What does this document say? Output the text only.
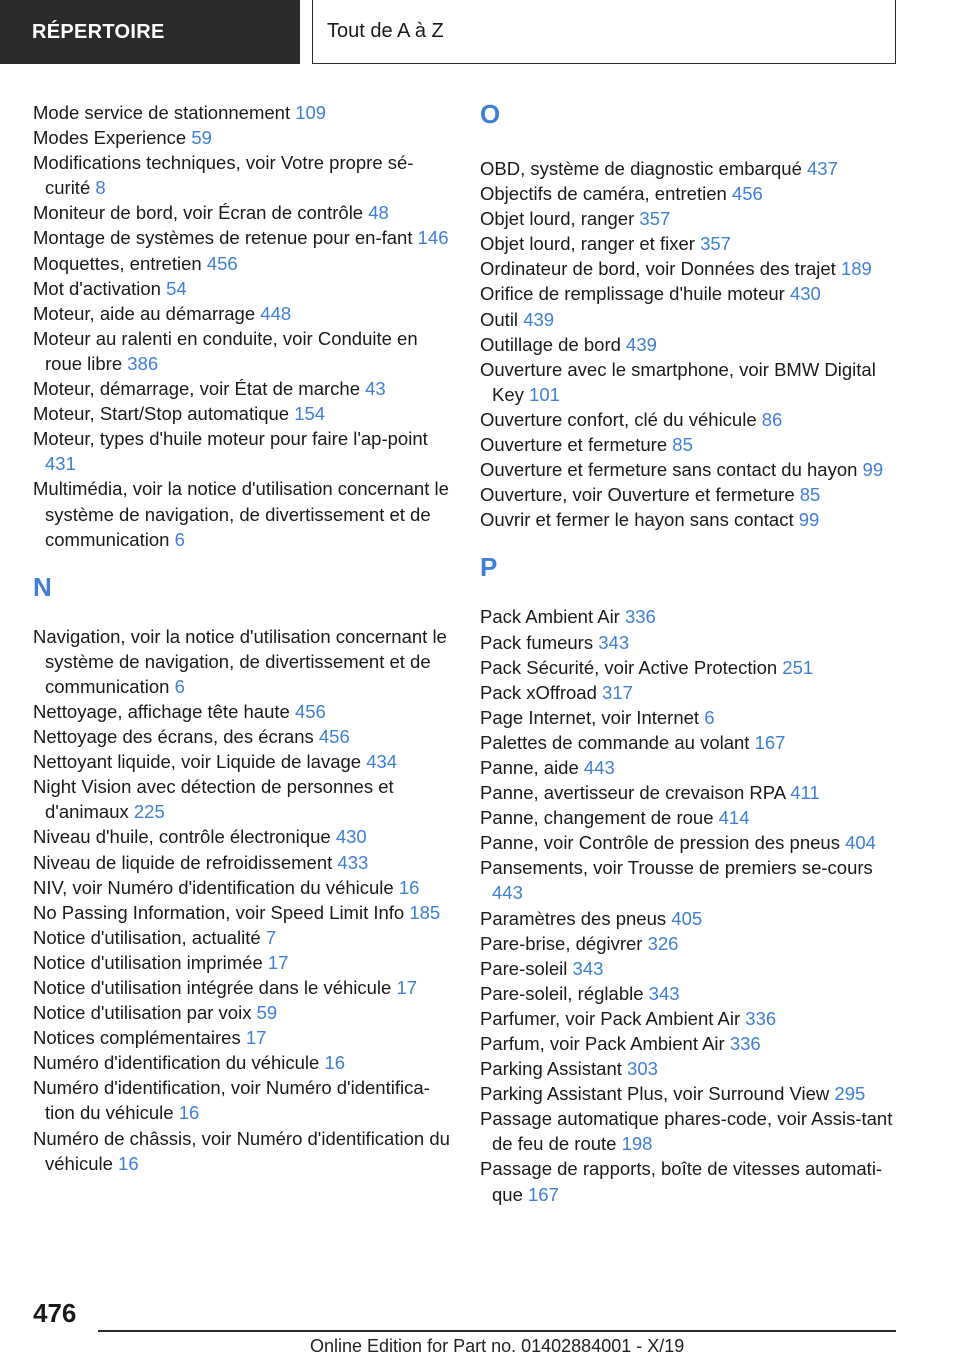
RÉPERTOIRE	Tout de A à Z

Mode service de stationnement 109

Modes Experience 59

Modifications techniques, voir Votre propre sé-curité 8

Moniteur de bord, voir Écran de contrôle 48

Montage de systèmes de retenue pour en-fant 146

Moquettes, entretien 456

Mot d'activation 54

Moteur, aide au démarrage 448

Moteur au ralenti en conduite, voir Conduite en roue libre 386

Moteur, démarrage, voir État de marche 43

Moteur, Start/Stop automatique 154

Moteur, types d'huile moteur pour faire l'ap-point 431

Multimédia, voir la notice d'utilisation concernant le système de navigation, de divertissement et de communication 6

N

Navigation, voir la notice d'utilisation concernant le système de navigation, de divertissement et de communication 6

Nettoyage, affichage tête haute 456

Nettoyage des écrans, des écrans 456

Nettoyant liquide, voir Liquide de lavage 434

Night Vision avec détection de personnes et d'animaux 225

Niveau d'huile, contrôle électronique 430

Niveau de liquide de refroidissement 433

NIV, voir Numéro d'identification du véhicule 16

No Passing Information, voir Speed Limit Info 185

Notice d'utilisation, actualité 7

Notice d'utilisation imprimée 17

Notice d'utilisation intégrée dans le véhicule 17

Notice d'utilisation par voix 59

Notices complémentaires 17

Numéro d'identification du véhicule 16

Numéro d'identification, voir Numéro d'identifica-tion du véhicule 16

Numéro de châssis, voir Numéro d'identification du véhicule 16

O

OBD, système de diagnostic embarqué 437

Objectifs de caméra, entretien 456

Objet lourd, ranger 357

Objet lourd, ranger et fixer 357

Ordinateur de bord, voir Données des trajet 189

Orifice de remplissage d'huile moteur 430

Outil 439

Outillage de bord 439

Ouverture avec le smartphone, voir BMW Digital Key 101

Ouverture confort, clé du véhicule 86

Ouverture et fermeture 85

Ouverture et fermeture sans contact du hayon 99

Ouverture, voir Ouverture et fermeture 85

Ouvrir et fermer le hayon sans contact 99

P

Pack Ambient Air 336

Pack fumeurs 343

Pack Sécurité, voir Active Protection 251

Pack xOffroad 317

Page Internet, voir Internet 6

Palettes de commande au volant 167

Panne, aide 443

Panne, avertisseur de crevaison RPA 411

Panne, changement de roue 414

Panne, voir Contrôle de pression des pneus 404

Pansements, voir Trousse de premiers se-cours 443

Paramètres des pneus 405

Pare-brise, dégivrer 326

Pare-soleil 343

Pare-soleil, réglable 343

Parfumer, voir Pack Ambient Air 336

Parfum, voir Pack Ambient Air 336

Parking Assistant 303

Parking Assistant Plus, voir Surround View 295

Passage automatique phares-code, voir Assis-tant de feu de route 198

Passage de rapports, boîte de vitesses automati-que 167

476
Online Edition for Part no. 01402884001 - X/19
